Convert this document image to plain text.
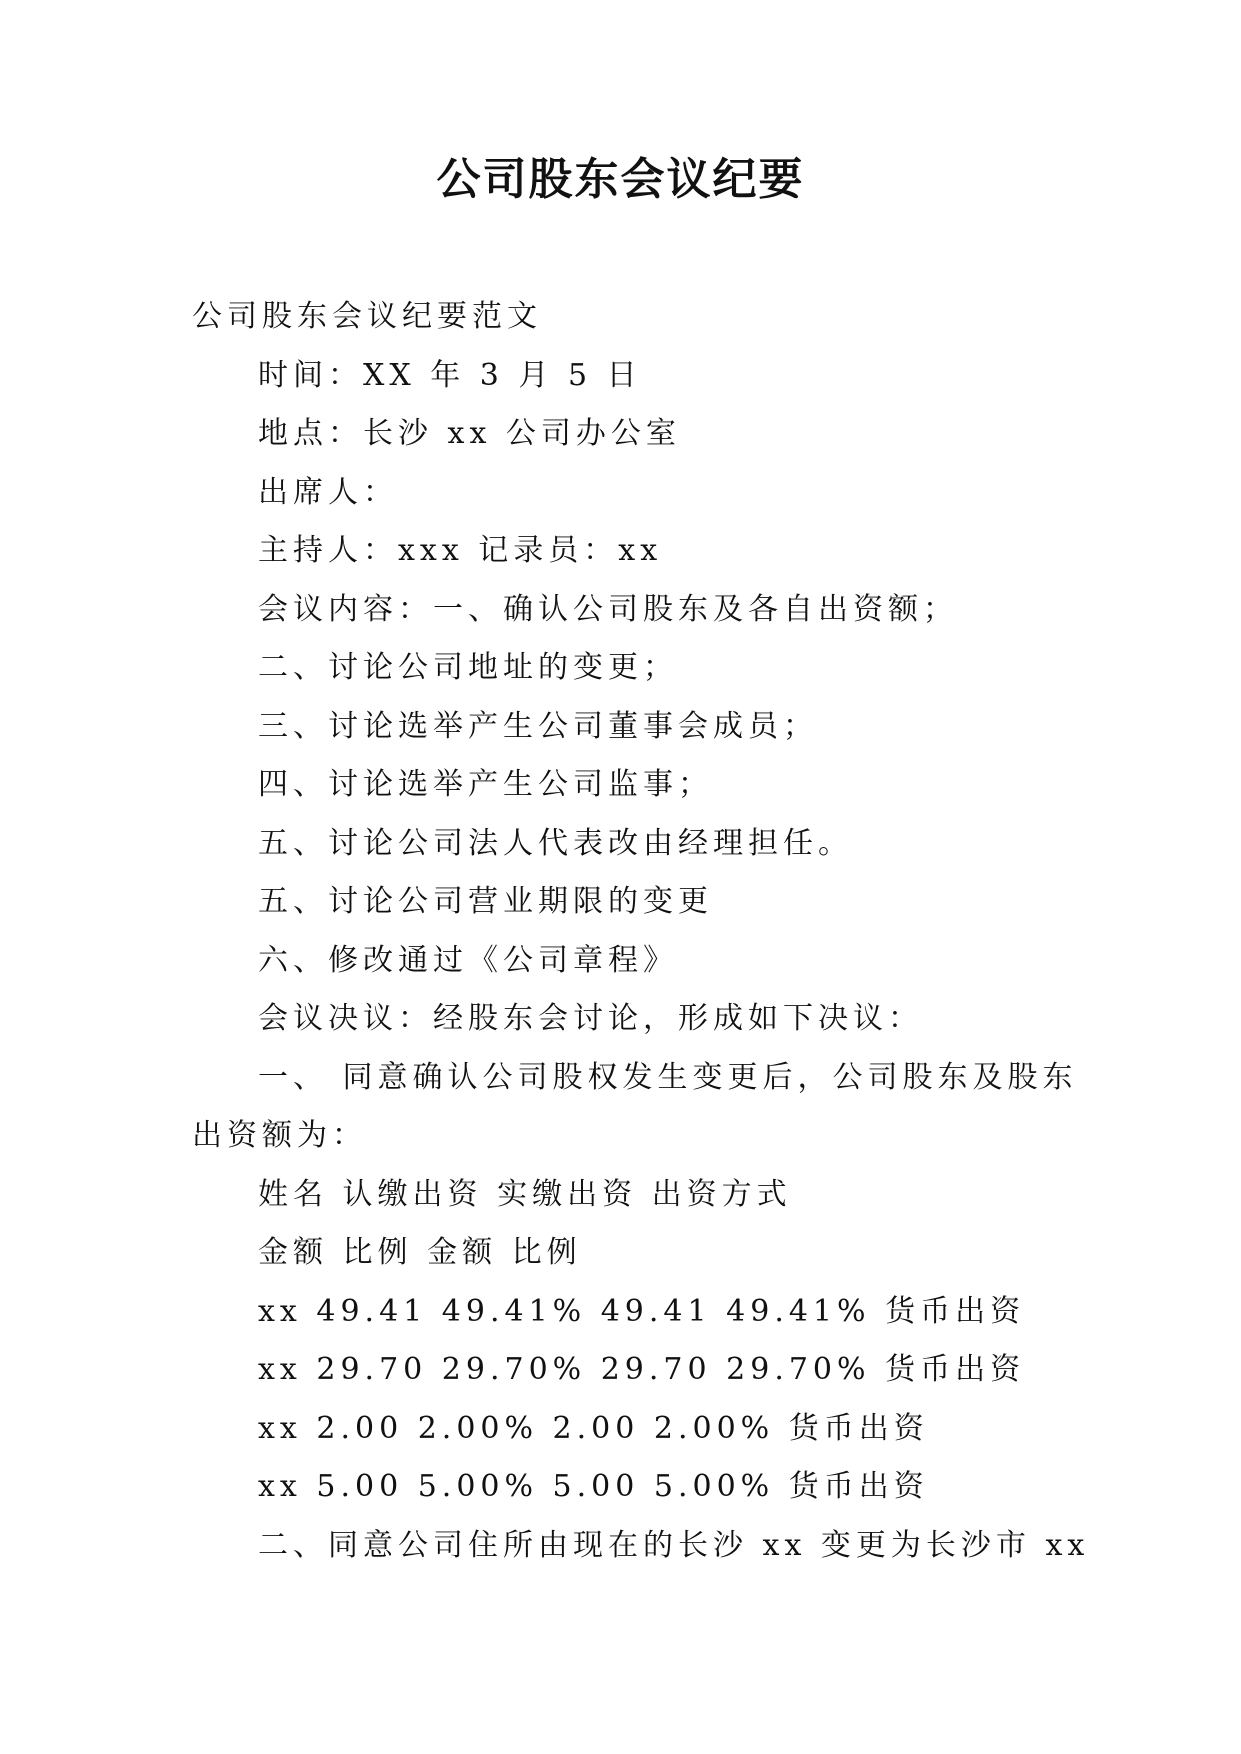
公司股东会议纪要
公司股东会议纪要范文
时间：XX 年 3 月 5 日
地点：长沙 xx 公司办公室
出席人：
主持人：xxx 记录员：xx
会议内容：一、确认公司股东及各自出资额；
二、讨论公司地址的变更；
三、讨论选举产生公司董事会成员；
四、讨论选举产生公司监事；
五、讨论公司法人代表改由经理担任。
五、讨论公司营业期限的变更
六、修改通过《公司章程》
会议决议：经股东会讨论，形成如下决议：
一、 同意确认公司股权发生变更后，公司股东及股东
出资额为：
姓名 认缴出资 实缴出资 出资方式
金额 比例 金额 比例
xx 49.41 49.41% 49.41 49.41% 货币出资
xx 29.70 29.70% 29.70 29.70% 货币出资
xx 2.00 2.00% 2.00 2.00% 货币出资
xx 5.00 5.00% 5.00 5.00% 货币出资
二、同意公司住所由现在的长沙 xx 变更为长沙市 xx
